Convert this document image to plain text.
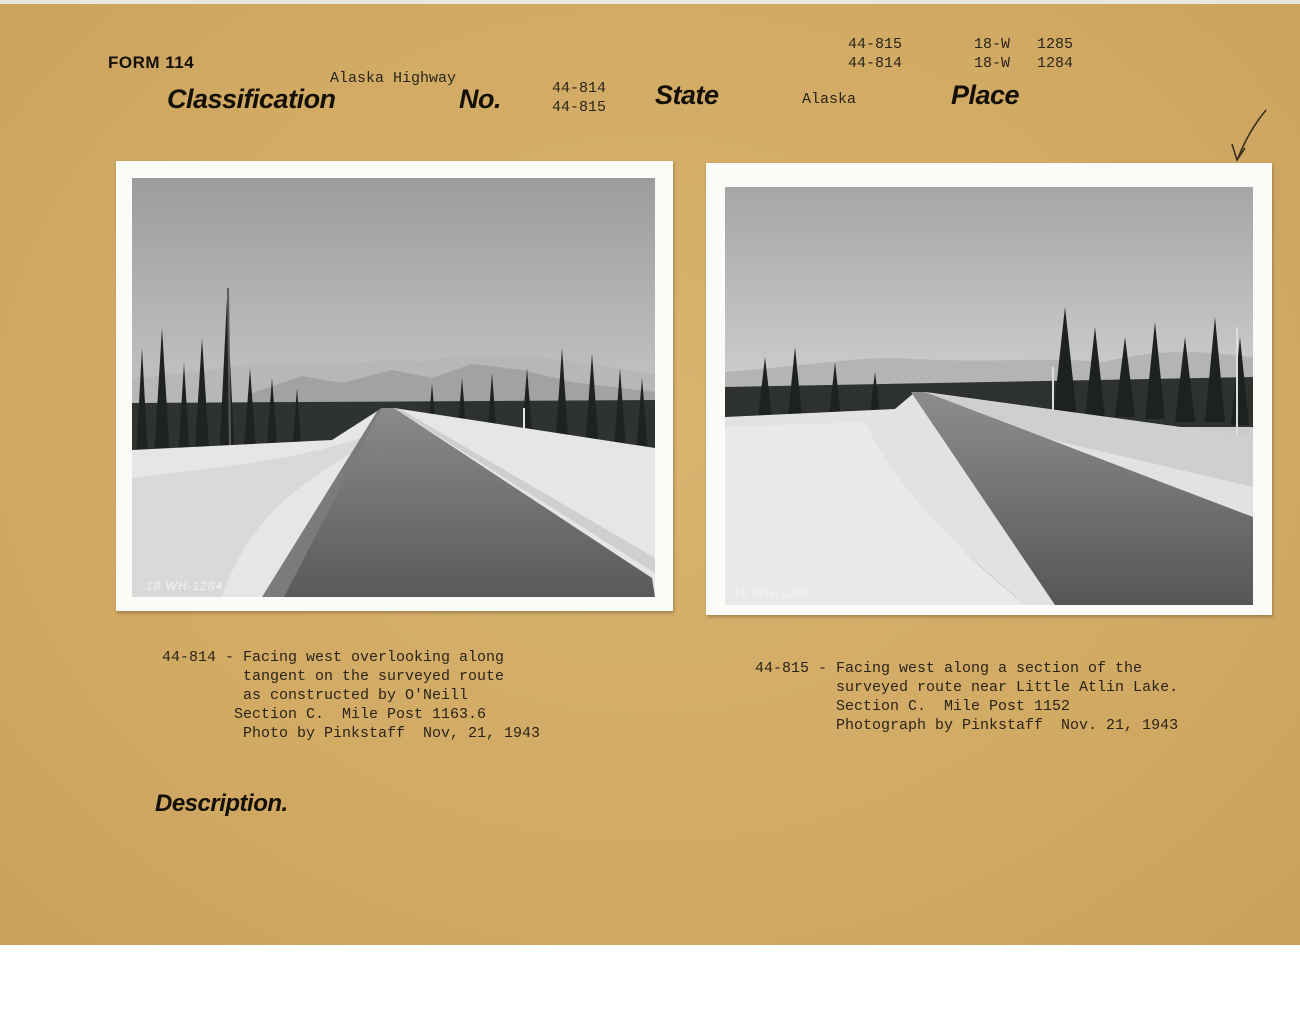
FORM 114
Classification	No.	State	Place
Alaska Highway
44-814
44-815	Alaska
44-815        18-W   1285
44-814        18-W   1284
18 WH-1284	18 WH-1285
44-814 - Facing west overlooking along
tangent on the surveyed route
as constructed by O'Neill
Section C.  Mile Post 1163.6
Photo by Pinkstaff  Nov, 21, 1943
44-815 - Facing west along a section of the
surveyed route near Little Atlin Lake.
Section C.  Mile Post 1152
Photograph by Pinkstaff  Nov. 21, 1943
Description.
